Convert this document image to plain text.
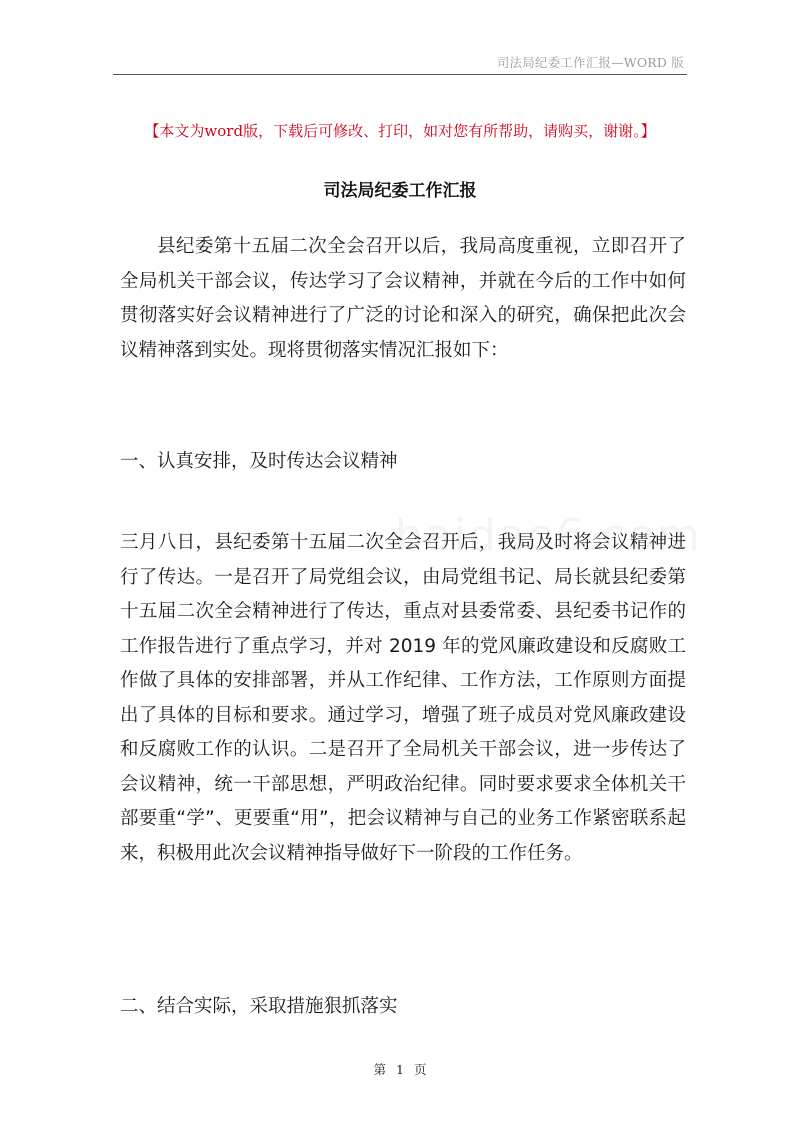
司法局纪委工作汇报—WORD 版
【本文为word版，下载后可修改、打印，如对您有所帮助，请购买，谢谢。】
司法局纪委工作汇报

县纪委第十五届二次全会召开以后，我局高度重视，立即召开了全局机关干部会议，传达学习了会议精神，并就在今后的工作中如何贯彻落实好会议精神进行了广泛的讨论和深入的研究，确保把此次会议精神落到实处。现将贯彻落实情况汇报如下：

一、认真安排，及时传达会议精神

三月八日，县纪委第十五届二次全会召开后，我局及时将会议精神进行了传达。一是召开了局党组会议，由局党组书记、局长就县纪委第十五届二次全会精神进行了传达，重点对县委常委、县纪委书记作的工作报告进行了重点学习，并对 2019 年的党风廉政建设和反腐败工作做了具体的安排部署，并从工作纪律、工作方法，工作原则方面提出了具体的目标和要求。通过学习，增强了班子成员对党风廉政建设和反腐败工作的认识。二是召开了全局机关干部会议，进一步传达了会议精神，统一干部思想，严明政治纪律。同时要求要求全体机关干部要重“学”、更要重“用”，把会议精神与自己的业务工作紧密联系起来，积极用此次会议精神指导做好下一阶段的工作任务。

二、结合实际，采取措施狠抓落实

第 1 页
